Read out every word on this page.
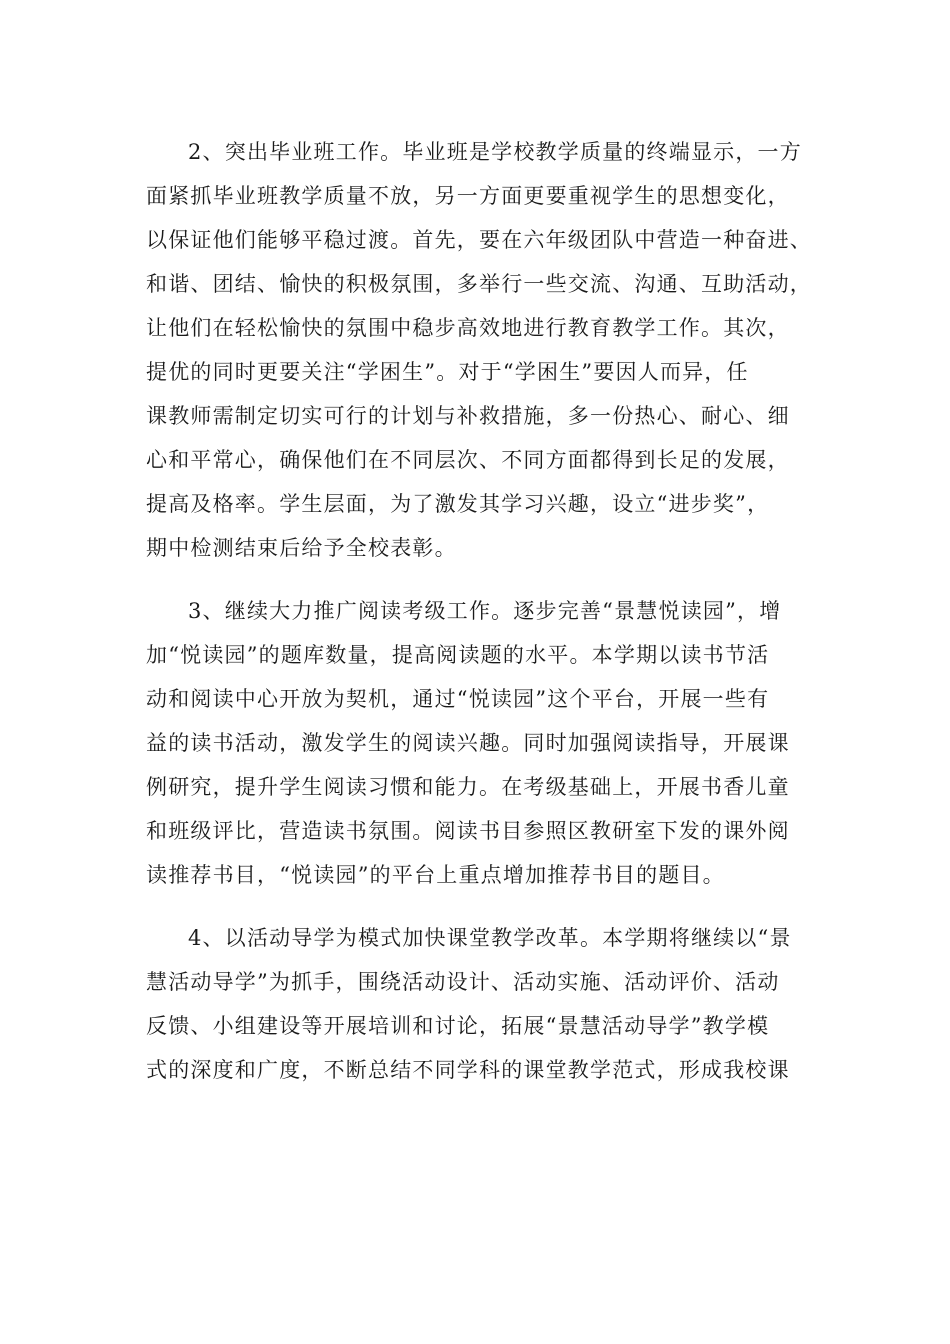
2、突出毕业班工作。毕业班是学校教学质量的终端显示，一方
面紧抓毕业班教学质量不放，另一方面更要重视学生的思想变化，
以保证他们能够平稳过渡。首先，要在六年级团队中营造一种奋进、
和谐、团结、愉快的积极氛围，多举行一些交流、沟通、互助活动，
让他们在轻松愉快的氛围中稳步高效地进行教育教学工作。其次，
提优的同时更要关注“学困生”。对于“学困生”要因人而异，任
课教师需制定切实可行的计划与补救措施，多一份热心、耐心、细
心和平常心，确保他们在不同层次、不同方面都得到长足的发展，
提高及格率。学生层面，为了激发其学习兴趣，设立“进步奖”，
期中检测结束后给予全校表彰。
3、继续大力推广阅读考级工作。逐步完善“景慧悦读园”，增
加“悦读园”的题库数量，提高阅读题的水平。本学期以读书节活
动和阅读中心开放为契机，通过“悦读园”这个平台，开展一些有
益的读书活动，激发学生的阅读兴趣。同时加强阅读指导，开展课
例研究，提升学生阅读习惯和能力。在考级基础上，开展书香儿童
和班级评比，营造读书氛围。阅读书目参照区教研室下发的课外阅
读推荐书目，“悦读园”的平台上重点增加推荐书目的题目。
4、以活动导学为模式加快课堂教学改革。本学期将继续以“景
慧活动导学”为抓手，围绕活动设计、活动实施、活动评价、活动
反馈、小组建设等开展培训和讨论，拓展“景慧活动导学”教学模
式的深度和广度，不断总结不同学科的课堂教学范式，形成我校课
